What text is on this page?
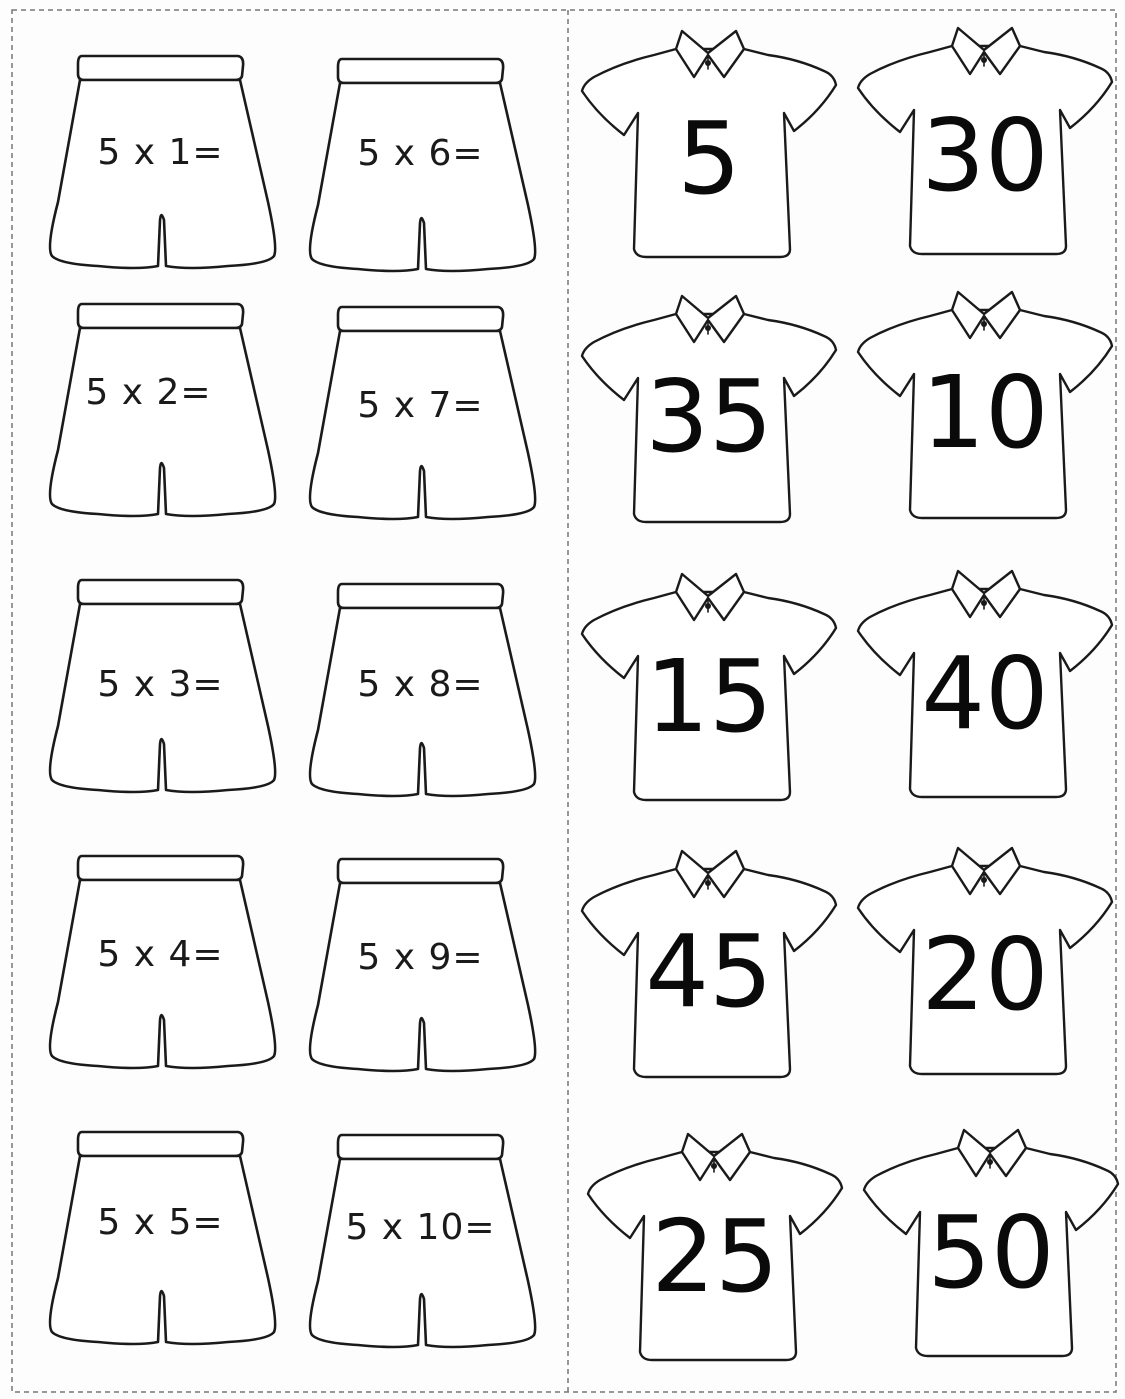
5 x 1=	5 x 6=
5 x 2=	5 x 7=
5 x 3=	5 x 8=
5 x 4=	5 x 9=
5 x 5=	5 x 10=
5	30
35	10
15	40
45	20
25	50
